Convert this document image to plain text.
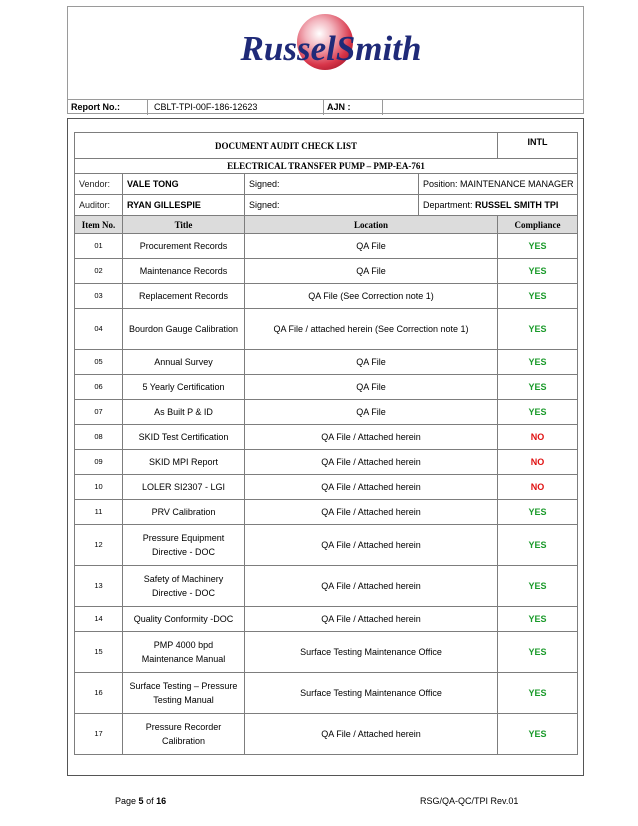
RusselSmith
Report No.:	CBLT-TPI-00F-186-12623	AJN :
DOCUMENT AUDIT CHECK LIST				INTL
ELECTRICAL TRANSFER PUMP – PMP-EA-761				
Vendor:	VALE TONG	Signed:	Position: MAINTENANCE MANAGER	
Auditor:	RYAN GILLESPIE	Signed:	Department: RUSSEL SMITH TPI	
Item No.	Title	Location		Compliance
01	Procurement Records	QA File		YES
02	Maintenance Records	QA File		YES
03	Replacement Records	QA File (See Correction note 1)		YES
04	Bourdon Gauge Calibration	QA File / attached herein (See Correction note 1)		YES
05	Annual Survey	QA File		YES
06	5 Yearly Certification	QA File		YES
07	As Built P & ID	QA File		YES
08	SKID Test Certification	QA File / Attached herein		NO
09	SKID MPI Report	QA File / Attached herein		NO
10	LOLER SI2307 - LGI	QA File / Attached herein		NO
11	PRV Calibration	QA File / Attached herein		YES
12	Pressure Equipment Directive - DOC	QA File / Attached herein		YES
13	Safety of Machinery Directive - DOC	QA File / Attached herein		YES
14	Quality Conformity -DOC	QA File / Attached herein		YES
15	PMP 4000 bpd Maintenance Manual	Surface Testing Maintenance Office		YES
16	Surface Testing – Pressure Testing Manual	Surface Testing Maintenance Office		YES
17	Pressure Recorder Calibration	QA File / Attached herein		YES
Page 5 of 16	RSG/QA-QC/TPI Rev.01
